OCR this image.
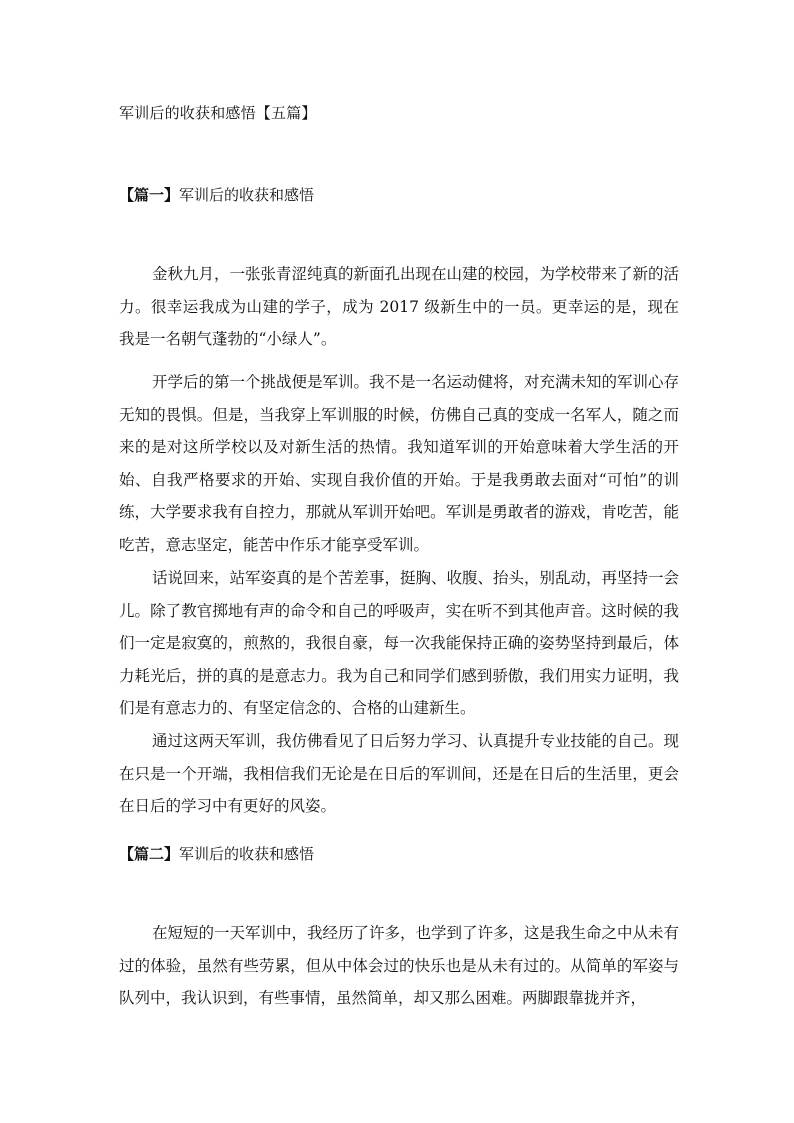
军训后的收获和感悟【五篇】
【篇一】军训后的收获和感悟

金秋九月，一张张青涩纯真的新面孔出现在山建的校园，为学校带来了新的活力。很幸运我成为山建的学子，成为 2017 级新生中的一员。更幸运的是，现在我是一名朝气蓬勃的“小绿人”。

开学后的第一个挑战便是军训。我不是一名运动健将，对充满未知的军训心存无知的畏惧。但是，当我穿上军训服的时候，仿佛自己真的变成一名军人，随之而来的是对这所学校以及对新生活的热情。我知道军训的开始意味着大学生活的开始、自我严格要求的开始、实现自我价值的开始。于是我勇敢去面对“可怕”的训练，大学要求我有自控力，那就从军训开始吧。军训是勇敢者的游戏，肯吃苦，能吃苦，意志坚定，能苦中作乐才能享受军训。

话说回来，站军姿真的是个苦差事，挺胸、收腹、抬头，别乱动，再坚持一会儿。除了教官掷地有声的命令和自己的呼吸声，实在听不到其他声音。这时候的我们一定是寂寞的，煎熬的，我很自豪，每一次我能保持正确的姿势坚持到最后，体力耗光后，拼的真的是意志力。我为自己和同学们感到骄傲，我们用实力证明，我们是有意志力的、有坚定信念的、合格的山建新生。

通过这两天军训，我仿佛看见了日后努力学习、认真提升专业技能的自己。现在只是一个开端，我相信我们无论是在日后的军训间，还是在日后的生活里，更会在日后的学习中有更好的风姿。

【篇二】军训后的收获和感悟

在短短的一天军训中，我经历了许多，也学到了许多，这是我生命之中从未有过的体验，虽然有些劳累，但从中体会过的快乐也是从未有过的。从简单的军姿与队列中，我认识到，有些事情，虽然简单，却又那么困难。两脚跟靠拢并齐，
